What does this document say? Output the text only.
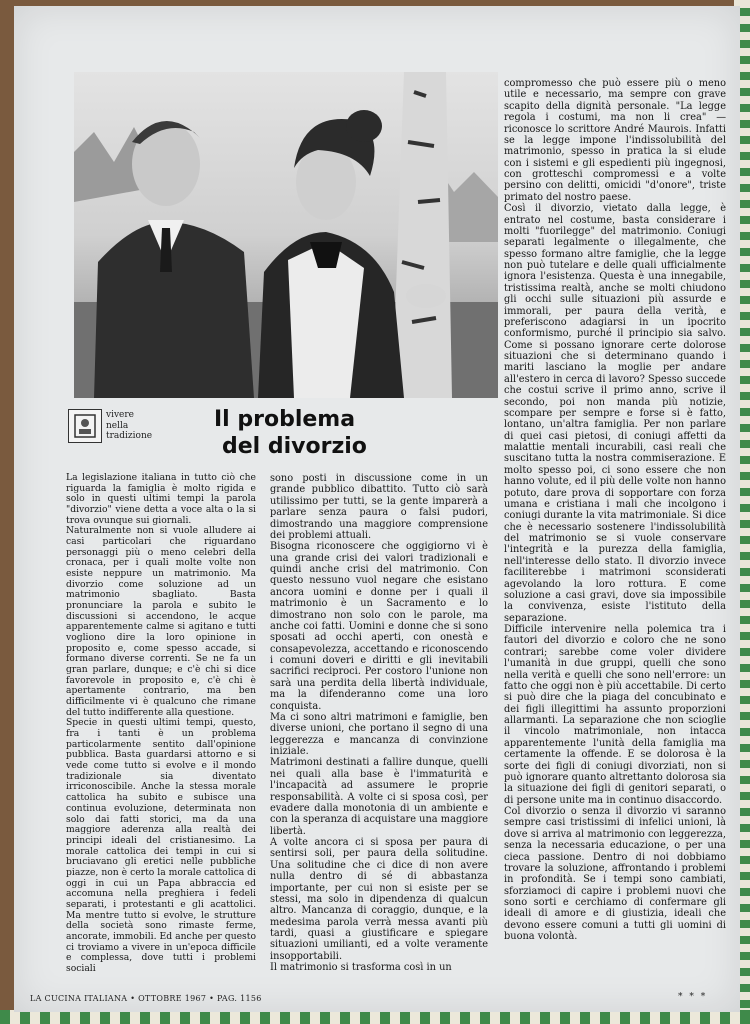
vivere
nella
tradizione
Il problema
del divorzio

La legislazione italiana in tutto ciò che riguarda la famiglia è molto rigida e solo in questi ultimi tempi la parola "divorzio" viene detta a voce alta o la si trova ovunque sui giornali.

Naturalmente non si vuole alludere ai casi particolari che riguardano personaggi più o meno celebri della cronaca, per i quali molte volte non esiste neppure un matrimonio. Ma divorzio come soluzione ad un matrimonio sbagliato. Basta pronunciare la parola e subito le discussioni si accendono, le acque apparentemente calme si agitano e tutti vogliono dire la loro opinione in proposito e, come spesso accade, si formano diverse correnti. Se ne fa un gran parlare, dunque; e c'è chi si dice favorevole in proposito e, c'è chi è apertamente contrario, ma ben difficilmente vi è qualcuno che rimane del tutto indifferente alla questione.

Specie in questi ultimi tempi, questo, fra i tanti è un problema particolarmente sentito dall'opinione pubblica. Basta guardarsi attorno e si vede come tutto si evolve e il mondo tradizionale sia diventato irriconoscibile. Anche la stessa morale cattolica ha subito e subisce una continua evoluzione, determinata non solo dai fatti storici, ma da una maggiore aderenza alla realtà dei principi ideali del cristianesimo. La morale cattolica dei tempi in cui si bruciavano gli eretici nelle pubbliche piazze, non è certo la morale cattolica di oggi in cui un Papa abbraccia ed accomuna nella preghiera i fedeli separati, i protestanti e gli acattolici. Ma mentre tutto si evolve, le strutture della società sono rimaste ferme, ancorate, immobili. Ed anche per questo ci troviamo a vivere in un'epoca difficile e complessa, dove tutti i problemi sociali

sono posti in discussione come in un grande pubblico dibattito. Tutto ciò sarà utilissimo per tutti, se la gente imparerà a parlare senza paura o falsi pudori, dimostrando una maggiore comprensione dei problemi attuali.

Bisogna riconoscere che oggigiorno vi è una grande crisi dei valori tradizionali e quindi anche crisi del matrimonio. Con questo nessuno vuol negare che esistano ancora uomini e donne per i quali il matrimonio è un Sacramento e lo dimostrano non solo con le parole, ma anche coi fatti. Uomini e donne che si sono sposati ad occhi aperti, con onestà e consapevolezza, accettando e riconoscendo i comuni doveri e diritti e gli inevitabili sacrifici reciproci. Per costoro l'unione non sarà una perdita della libertà individuale, ma la difenderanno come una loro conquista.

Ma ci sono altri matrimoni e famiglie, ben diverse unioni, che portano il segno di una leggerezza e mancanza di convinzione iniziale.

Matrimoni destinati a fallire dunque, quelli nei quali alla base è l'immaturità e l'incapacità ad assumere le proprie responsabilità. A volte ci si sposa così, per evadere dalla monotonia di un ambiente e con la speranza di acquistare una maggiore libertà.

A volte ancora ci si sposa per paura di sentirsi soli, per paura della solitudine. Una solitudine che ci dice di non avere nulla dentro di sé di abbastanza importante, per cui non si esiste per se stessi, ma solo in dipendenza di qualcun altro. Mancanza di coraggio, dunque, e la medesima parola verrà messa avanti più tardi, quasi a giustificare e spiegare situazioni umilianti, ed a volte veramente insopportabili.

Il matrimonio si trasforma così in un

compromesso che può essere più o meno utile e necessario, ma sempre con grave scapito della dignità personale. "La legge regola i costumi, ma non li crea" — riconosce lo scrittore André Maurois. Infatti se la legge impone l'indissolubilità del matrimonio, spesso in pratica la si elude con i sistemi e gli espedienti più ingegnosi, con grotteschi compromessi e a volte persino con delitti, omicidi "d'onore", triste primato del nostro paese.

Così il divorzio, vietato dalla legge, è entrato nel costume, basta considerare i molti "fuorilegge" del matrimonio. Coniugi separati legalmente o illegalmente, che spesso formano altre famiglie, che la legge non può tutelare e delle quali ufficialmente ignora l'esistenza. Questa è una innegabile, tristissima realtà, anche se molti chiudono gli occhi sulle situazioni più assurde e immorali, per paura della verità, e preferiscono adagiarsi in un ipocrito conformismo, purché il principio sia salvo. Come si possano ignorare certe dolorose situazioni che si determinano quando i mariti lasciano la moglie per andare all'estero in cerca di lavoro? Spesso succede che costui scrive il primo anno, scrive il secondo, poi non manda più notizie, scompare per sempre e forse si è fatto, lontano, un'altra famiglia. Per non parlare di quei casi pietosi, di coniugi affetti da malattie mentali incurabili, casi reali che suscitano tutta la nostra commiserazione. E molto spesso poi, ci sono essere che non hanno volute, ed il più delle volte non hanno potuto, dare prova di sopportare con forza umana e cristiana i mali che incolgono i coniugi durante la vita matrimoniale. Si dice che è necessario sostenere l'indissolubilità del matrimonio se si vuole conservare l'integrità e la purezza della famiglia, nell'interesse dello stato. Il divorzio invece faciliterebbe i matrimoni sconsiderati agevolando la loro rottura. E come soluzione a casi gravi, dove sia impossibile la convivenza, esiste l'istituto della separazione.

Difficile intervenire nella polemica tra i fautori del divorzio e coloro che ne sono contrari; sarebbe come voler dividere l'umanità in due gruppi, quelli che sono nella verità e quelli che sono nell'errore: un fatto che oggi non è più accettabile. Di certo si può dire che la piaga del concubinato e dei figli illegittimi ha assunto proporzioni allarmanti. La separazione che non scioglie il vincolo matrimoniale, non intacca apparentemente l'unità della famiglia ma certamente la offende. E se dolorosa è la sorte dei figli di coniugi divorziati, non si può ignorare quanto altrettanto dolorosa sia la situazione dei figli di genitori separati, o di persone unite ma in continuo disaccordo.

Col divorzio o senza il divorzio vi saranno sempre casi tristissimi di infelici unioni, là dove si arriva al matrimonio con leggerezza, senza la necessaria educazione, o per una cieca passione. Dentro di noi dobbiamo trovare la soluzione, affrontando i problemi in profondità. Se i tempi sono cambiati, sforziamoci di capire i problemi nuovi che sono sorti e cerchiamo di confermare gli ideali di amore e di giustizia, ideali che devono essere comuni a tutti gli uomini di buona volontà.

LA CUCINA ITALIANA • OTTOBRE 1967 • PAG. 1156	* * *
